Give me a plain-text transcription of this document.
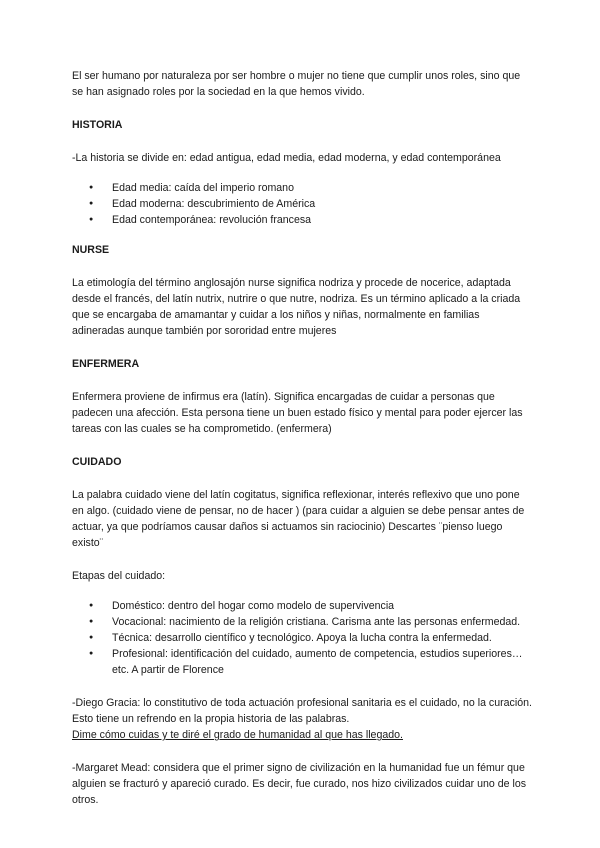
El ser humano por naturaleza por ser hombre o mujer no tiene que cumplir unos roles, sino que se han asignado roles por la sociedad en la que hemos vivido.

HISTORIA

-La historia se divide en: edad antigua, edad media, edad moderna, y edad contemporánea

● Edad media: caída del imperio romano
● Edad moderna: descubrimiento de América
● Edad contemporánea: revolución francesa
NURSE

La etimología del término anglosajón nurse significa nodriza y procede de nocerice, adaptada desde el francés, del latín nutrix, nutrire o que nutre, nodriza. Es un término aplicado a la criada que se encargaba de amamantar y cuidar a los niños y niñas, normalmente en familias adineradas aunque también por sororidad entre mujeres

ENFERMERA

Enfermera proviene de infirmus era (latín). Significa encargadas de cuidar a personas que padecen una afección. Esta persona tiene un buen estado físico y mental para poder ejercer las tareas con las cuales se ha comprometido. (enfermera)

CUIDADO

La palabra cuidado viene del latín cogitatus, significa reflexionar, interés reflexivo que uno pone en algo. (cuidado viene de pensar, no de hacer ) (para cuidar a alguien se debe pensar antes de actuar, ya que podríamos causar daños si actuamos sin raciocinio) Descartes ¨pienso luego existo¨

Etapas del cuidado:

● Doméstico: dentro del hogar como modelo de supervivencia
● Vocacional: nacimiento de la religión cristiana. Carisma ante las personas enfermedad.
● Técnica: desarrollo científico y tecnológico. Apoya la lucha contra la enfermedad.
● Profesional: identificación del cuidado, aumento de competencia, estudios superiores…etc. A partir de Florence

-Diego Gracia: lo constitutivo de toda actuación profesional sanitaria es el cuidado, no la curación. Esto tiene un refrendo en la propia historia de las palabras.

Dime cómo cuidas y te diré el grado de humanidad al que has llegado.

-Margaret Mead: considera que el primer signo de civilización en la humanidad fue un fémur que alguien se fracturó y apareció curado. Es decir, fue curado, nos hizo civilizados cuidar uno de los otros.
